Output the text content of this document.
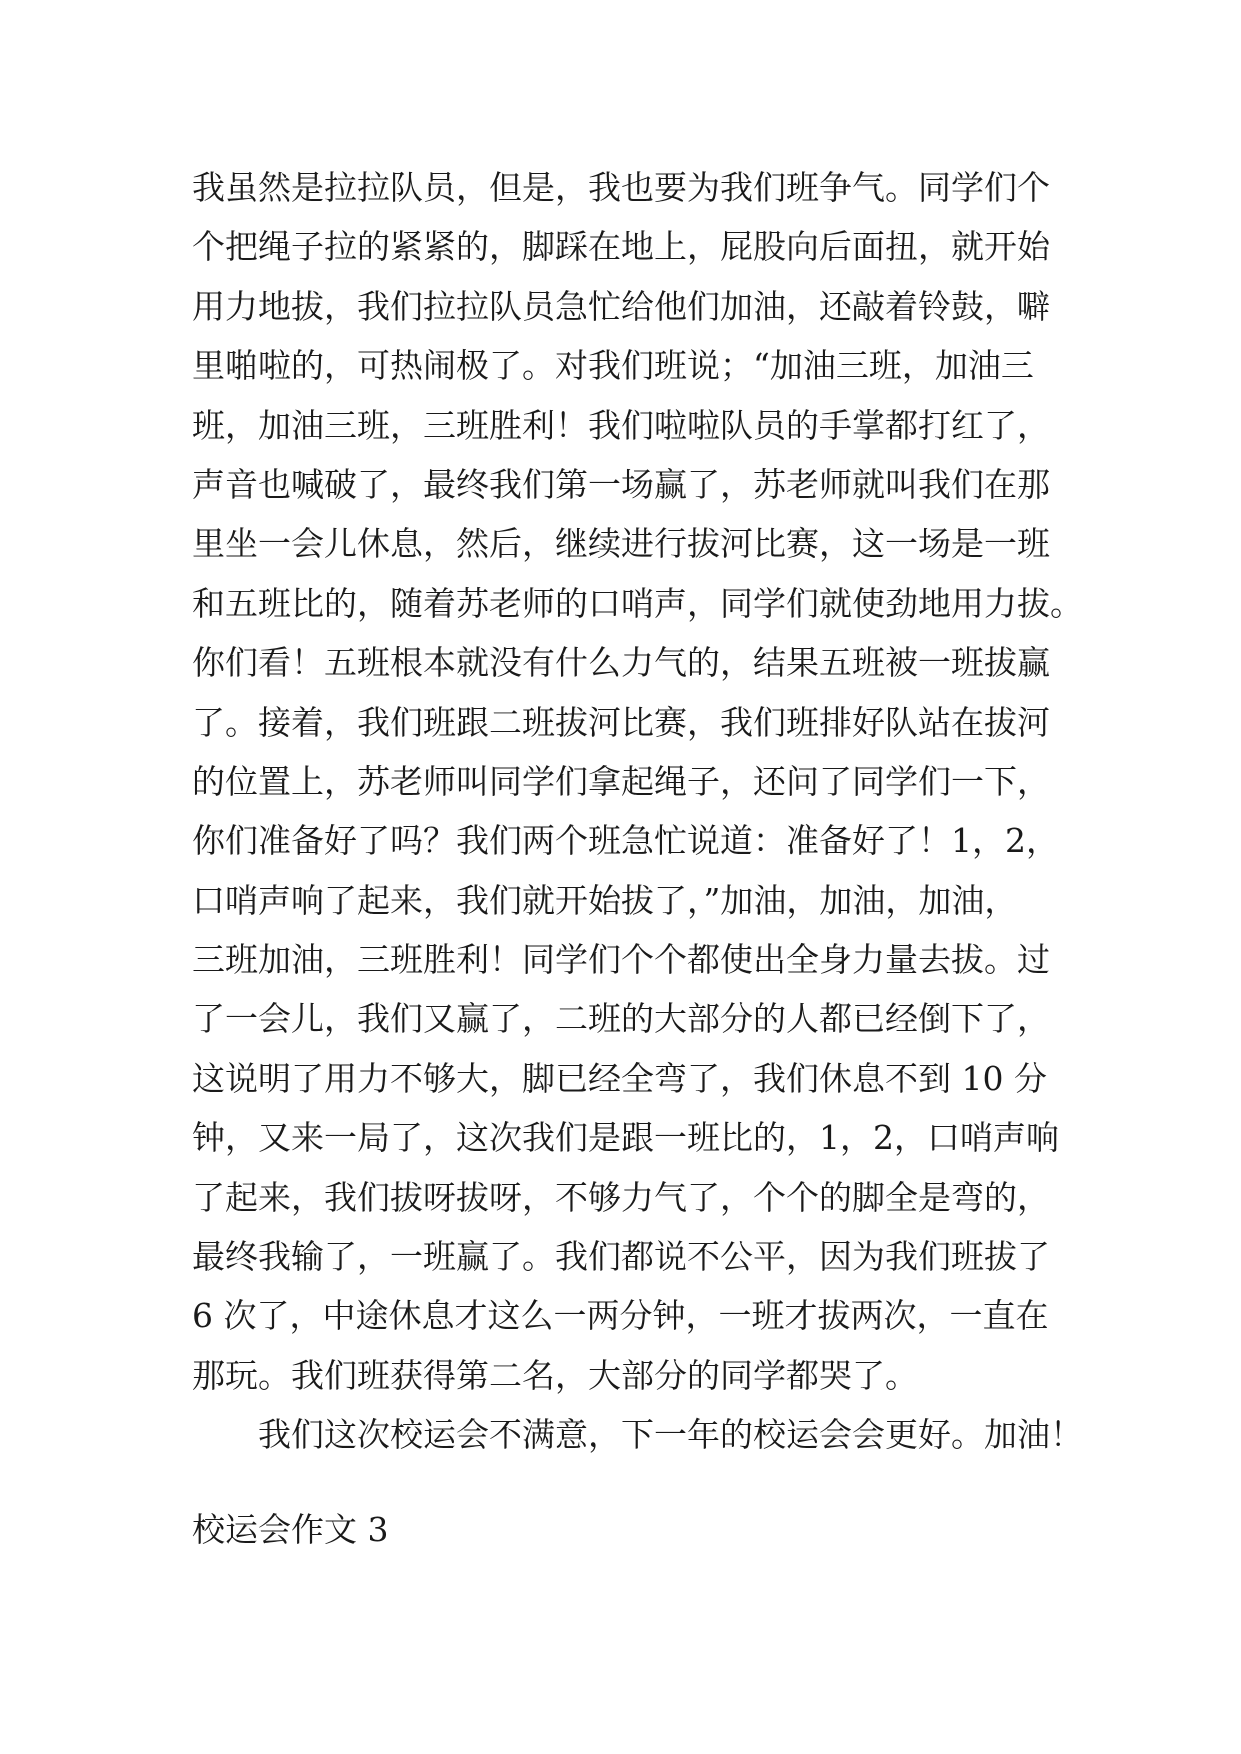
我虽然是拉拉队员，但是，我也要为我们班争气。同学们个
个把绳子拉的紧紧的，脚踩在地上，屁股向后面扭，就开始
用力地拔，我们拉拉队员急忙给他们加油，还敲着铃鼓，噼
里啪啦的，可热闹极了。对我们班说；“加油三班，加油三
班，加油三班，三班胜利！我们啦啦队员的手掌都打红了，
声音也喊破了，最终我们第一场赢了，苏老师就叫我们在那
里坐一会儿休息，然后，继续进行拔河比赛，这一场是一班
和五班比的，随着苏老师的口哨声，同学们就使劲地用力拔。
你们看！五班根本就没有什么力气的，结果五班被一班拔赢
了。接着，我们班跟二班拔河比赛，我们班排好队站在拔河
的位置上，苏老师叫同学们拿起绳子，还问了同学们一下，
你们准备好了吗？我们两个班急忙说道：准备好了！1，2，
口哨声响了起来，我们就开始拔了，”加油，加油，加油，
三班加油，三班胜利！同学们个个都使出全身力量去拔。过
了一会儿，我们又赢了，二班的大部分的人都已经倒下了，
这说明了用力不够大，脚已经全弯了，我们休息不到 10 分
钟，又来一局了，这次我们是跟一班比的，1，2，口哨声响
了起来，我们拔呀拔呀，不够力气了，个个的脚全是弯的，
最终我输了，一班赢了。我们都说不公平，因为我们班拔了
6 次了，中途休息才这么一两分钟，一班才拔两次，一直在
那玩。我们班获得第二名，大部分的同学都哭了。
我们这次校运会不满意，下一年的校运会会更好。加油！
校运会作文 3
